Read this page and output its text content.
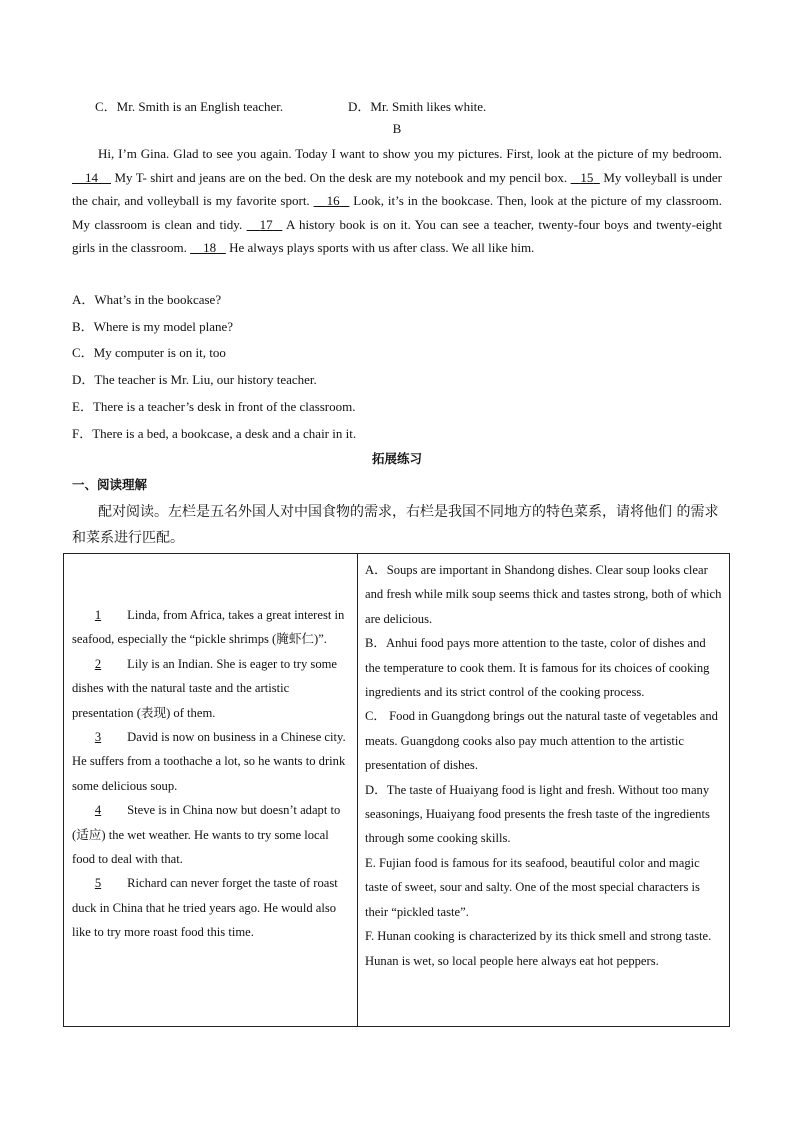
C．Mr. Smith is an English teacher.	D．Mr. Smith likes white.
B
Hi, I’m Gina. Glad to see you again. Today I want to show you my pictures. First, look at the picture of my bedroom.     14     My T- shirt and jeans are on the bed. On the desk are my notebook and my pencil box.    15   My volleyball is under the chair, and volleyball is my favorite sport.     16    Look, it’s in the bookcase. Then, look at the picture of my classroom. My classroom is clean and tidy.     17    A history book is on it. You can see a teacher, twenty-four boys and twenty-eight girls in the classroom.     18    He always plays sports with us after class. We all like him.
A．What’s in the bookcase?
B．Where is my model plane?
C．My computer is on it, too
D．The teacher is Mr. Liu, our history teacher.
E．There is a teacher’s desk in front of the classroom.
F．There is a bed, a bookcase, a desk and a chair in it.
拓展练习
一、阅读理解
配对阅读。左栏是五名外国人对中国食物的需求，右栏是我国不同地方的特色菜系，请将他们 的需求和菜系进行匹配。

1 Linda, from Africa, takes a great interest in seafood, especially the “pickle shrimps (腌虾仁)”.

2 Lily is an Indian. She is eager to try some dishes with the natural taste and the artistic presentation (表现) of them.

3 David is now on business in a Chinese city. He suffers from a toothache a lot, so he wants to drink some delicious soup.

4 Steve is in China now but doesn’t adapt to (适应) the wet weather. He wants to try some local food to deal with that.

5 Richard can never forget the taste of roast duck in China that he tried years ago. He would also like to try more roast food this time.

A．Soups are important in Shandong dishes. Clear soup looks clear and fresh while milk soup seems thick and tastes strong, both of which are delicious.
B．Anhui food pays more attention to the taste, color of dishes and the temperature to cook them. It is famous for its choices of cooking ingredients and its strict control of the cooking process.
C． Food in Guangdong brings out the natural taste of vegetables and meats. Guangdong cooks also pay much attention to the artistic presentation of dishes.
D．The taste of Huaiyang food is light and fresh. Without too many seasonings, Huaiyang food presents the fresh taste of the ingredients through some cooking skills.
E. Fujian food is famous for its seafood, beautiful color and magic taste of sweet, sour and salty. One of the most special characters is their “pickled taste”.
F. Hunan cooking is characterized by its thick smell and strong taste. Hunan is wet, so local people here always eat hot peppers.
